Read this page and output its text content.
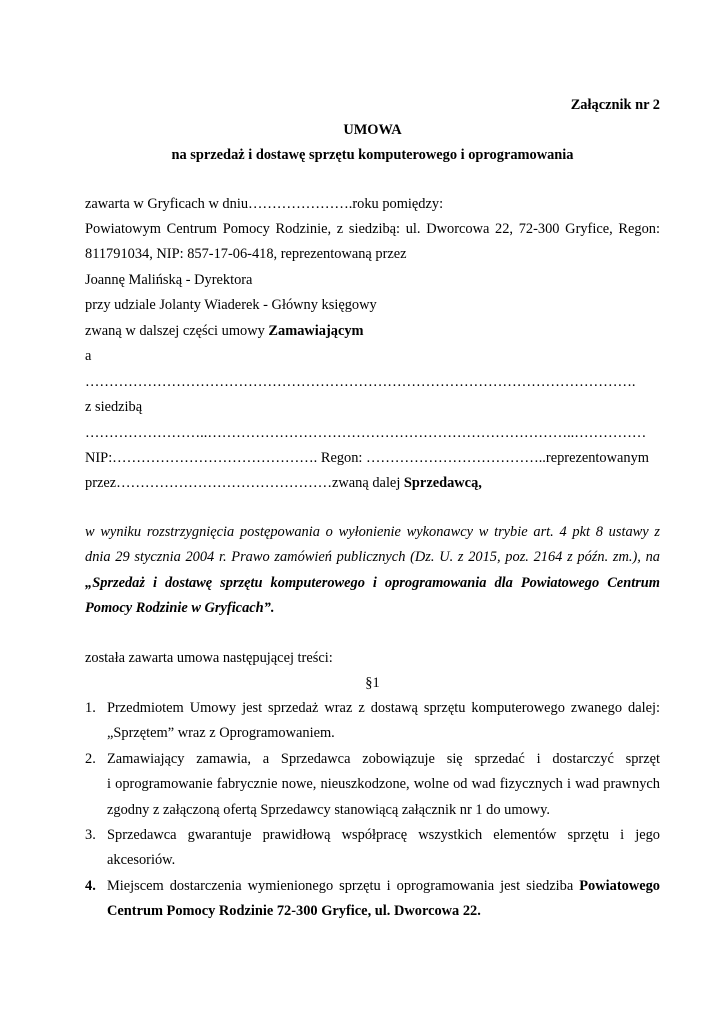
Załącznik nr 2
UMOWA
na sprzedaż i dostawę sprzętu komputerowego i oprogramowania
zawarta w Gryficach w dniu………………….roku pomiędzy:
Powiatowym Centrum Pomocy Rodzinie, z siedzibą: ul. Dworcowa 22, 72-300 Gryfice, Regon:
811791034, NIP: 857-17-06-418, reprezentowaną przez
Joannę Malińską - Dyrektora
przy udziale Jolanty Wiaderek - Główny księgowy
zwaną w dalszej części umowy Zamawiającym
a
…………………………………………………………………………………………………….
z siedzibą
……………………..…………………………………………………………………..……………
NIP:……………………………………. Regon: ………………………………..reprezentowanym
przez………………………………………zwaną dalej Sprzedawcą,
w wyniku rozstrzygnięcia postępowania o wyłonienie wykonawcy w trybie art. 4 pkt 8 ustawy z
dnia 29 stycznia 2004 r. Prawo zamówień publicznych (Dz. U. z 2015, poz. 2164 z późn. zm.), na
„Sprzedaż i dostawę sprzętu komputerowego i oprogramowania dla Powiatowego Centrum
Pomocy Rodzinie w Gryficach”.
została zawarta umowa następującej treści:
§1
1. Przedmiotem Umowy jest sprzedaż wraz z dostawą sprzętu komputerowego zwanego dalej:
„Sprzętem” wraz z Oprogramowaniem.
2. Zamawiający zamawia, a Sprzedawca zobowiązuje się sprzedać i dostarczyć sprzęt
i oprogramowanie fabrycznie nowe, nieuszkodzone, wolne od wad fizycznych i wad prawnych
zgodny z załączoną ofertą Sprzedawcy stanowiącą załącznik nr 1 do umowy.
3. Sprzedawca gwarantuje prawidłową współpracę wszystkich elementów sprzętu i jego
akcesoriów.
4. Miejscem dostarczenia wymienionego sprzętu i oprogramowania jest siedziba Powiatowego
Centrum Pomocy Rodzinie 72-300 Gryfice, ul. Dworcowa 22.
